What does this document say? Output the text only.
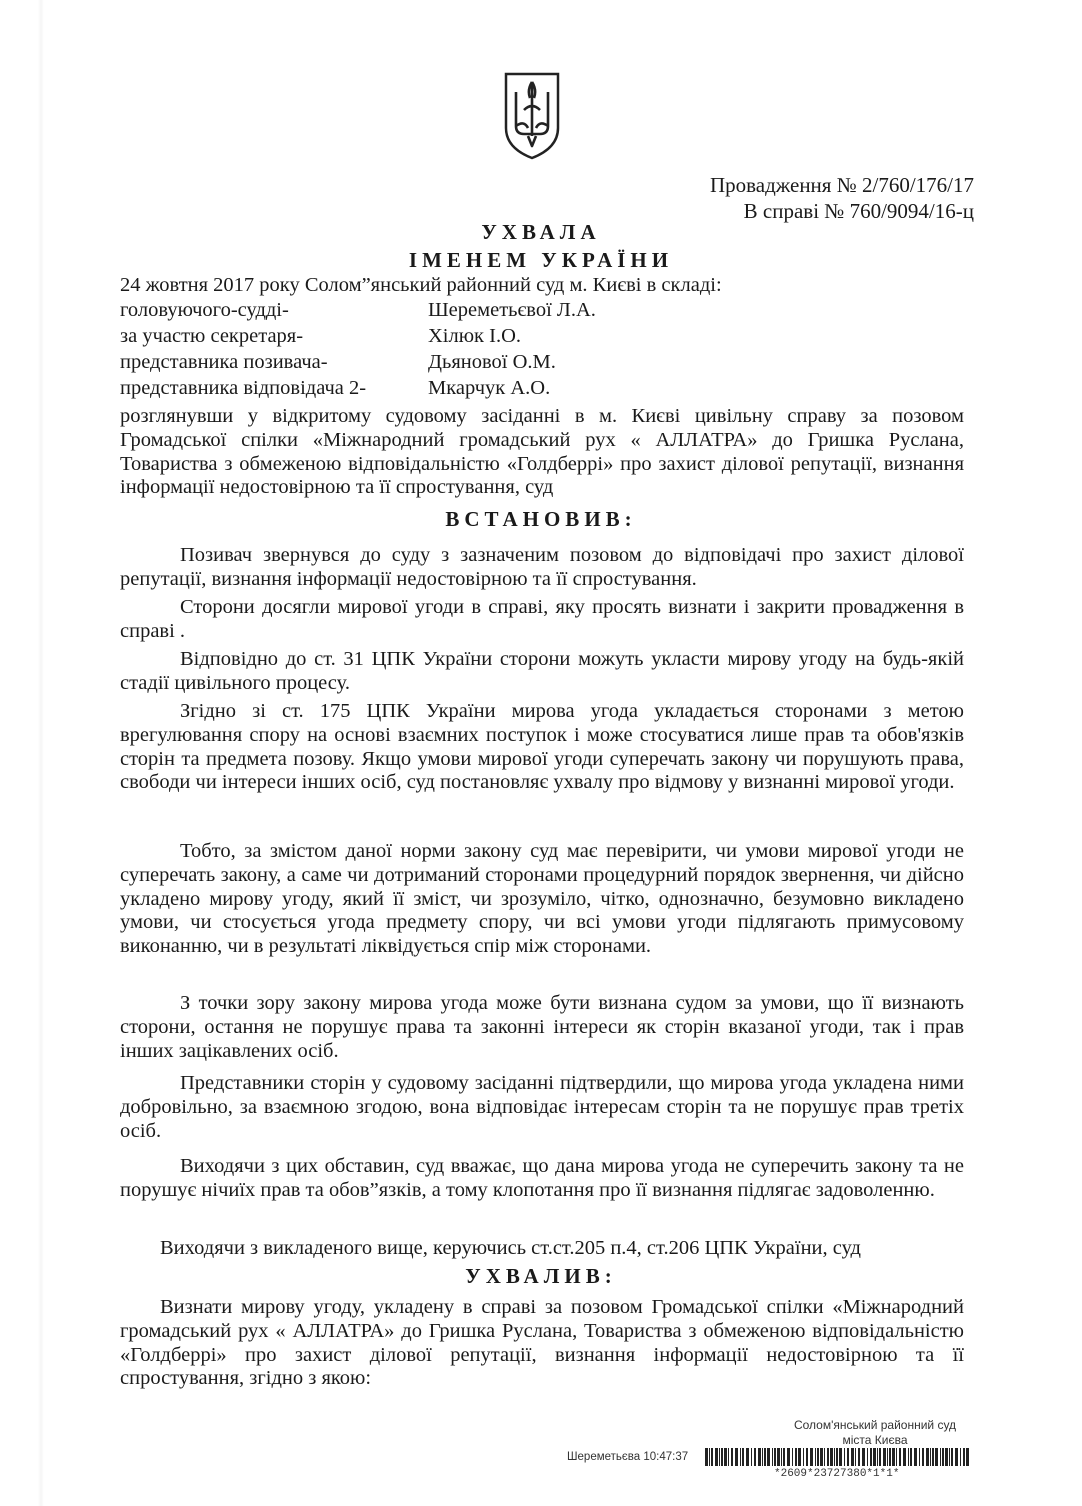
Провадження № 2/760/176/17
В справі № 760/9094/16-ц
УХВАЛА
ІМЕНЕМ УКРАЇНИ
24 жовтня 2017 року Солом”янський районний суд м. Києві в складі:
головуючого-судді-	Шереметьєвої Л.А.
за участю секретаря-	Хілюк І.О.
представника позивача-	Дьянової О.М.
представника відповідача 2-	Мкарчук А.О.
розглянувши у відкритому судовому засіданні в м. Києві цивільну справу за позовом Громадської спілки «Міжнародний громадський рух « АЛЛАТРА» до Гришка Руслана, Товариства з обмеженою відповідальністю «Голдберрі» про захист ділової репутації, визнання інформації недостовірною та її спростування, суд
ВСТАНОВИВ:
Позивач звернувся до суду з зазначеним позовом до відповідачі про захист ділової репутації, визнання інформації недостовірною та її спростування.
Сторони досягли мирової угоди в справі, яку просять визнати і закрити провадження в справі .
Відповідно до ст. 31 ЦПК України сторони можуть укласти мирову угоду на будь-якій стадії цивільного процесу.
Згідно зі ст. 175 ЦПК України мирова угода укладається сторонами з метою врегулювання спору на основі взаємних поступок і може стосуватися лише прав та обов'язків сторін та предмета позову. Якщо умови мирової угоди суперечать закону чи порушують права, свободи чи інтереси інших осіб, суд постановляє ухвалу про відмову у визнанні мирової угоди.
Тобто, за змістом даної норми закону суд має перевірити, чи умови мирової угоди не суперечать закону, а саме чи дотриманий сторонами процедурний порядок звернення, чи дійсно укладено мирову угоду, який її зміст, чи зрозуміло, чітко, однозначно, безумовно викладено умови, чи стосується угода предмету спору, чи всі умови угоди підлягають примусовому виконанню, чи в результаті ліквідується спір між сторонами.
З точки зору закону мирова угода може бути визнана судом за умови, що її визнають сторони, остання не порушує права та законні інтереси як сторін вказаної угоди, так і прав інших зацікавлених осіб.
Представники сторін у судовому засіданні підтвердили, що мирова угода укладена ними добровільно, за взаємною згодою, вона відповідає інтересам сторін та не порушує прав третіх осіб.
Виходячи з цих обставин, суд вважає, що дана мирова угода не суперечить закону та не порушує нічиїх прав та обов”язків, а тому клопотання про її визнання підлягає задоволенню.
Виходячи з викладеного вище, керуючись ст.ст.205 п.4, ст.206 ЦПК України, суд
УХВАЛИВ:
Визнати мирову угоду, укладену в справі за позовом Громадської спілки «Міжнародний громадський рух « АЛЛАТРА» до Гришка Руслана, Товариства з обмеженою відповідальністю «Голдберрі» про захист ділової репутації, визнання інформації недостовірною та її спростування, згідно з якою:
Солом'янський районний суд
міста Києва
Шереметьєва 10:47:37
*2609*23727380*1*1*
